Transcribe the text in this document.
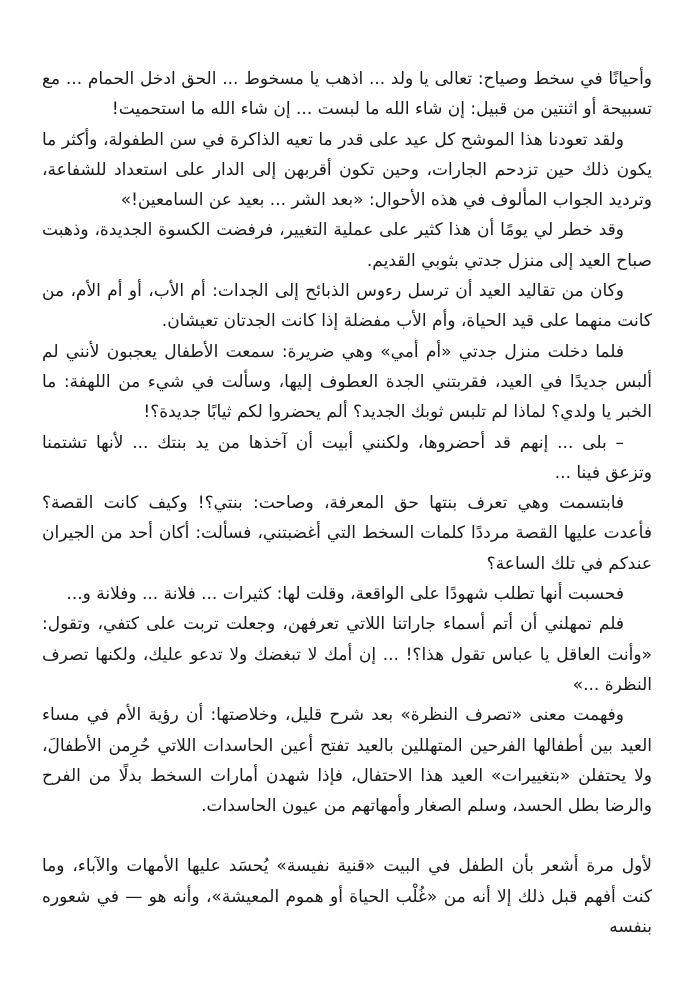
وأحيانًا في سخط وصياح: تعالى يا ولد ... اذهب يا مسخوط ... الحق ادخل الحمام ... مع تسبيحة أو اثنتين من قبيل: إن شاء الله ما لبست ... إن شاء الله ما استحميت!

ولقد تعودنا هذا الموشح كل عيد على قدر ما تعيه الذاكرة في سن الطفولة، وأكثر ما يكون ذلك حين تزدحم الجارات، وحين تكون أقربهن إلى الدار على استعداد للشفاعة، وترديد الجواب المألوف في هذه الأحوال: «بعد الشر ... بعيد عن السامعين!»

وقد خطر لي يومًا أن هذا كثير على عملية التغيير، فرفضت الكسوة الجديدة، وذهبت صباح العيد إلى منزل جدتي بثوبي القديم.

وكان من تقاليد العيد أن ترسل رءوس الذبائح إلى الجدات: أم الأب، أو أم الأم، من كانت منهما على قيد الحياة، وأم الأب مفضلة إذا كانت الجدتان تعيشان.

فلما دخلت منزل جدتي «أم أمي» وهي ضريرة: سمعت الأطفال يعجبون لأنني لم ألبس جديدًا في العيد، فقربتني الجدة العطوف إليها، وسألت في شيء من اللهفة: ما الخبر يا ولدي؟ لماذا لم تلبس ثوبك الجديد؟ ألم يحضروا لكم ثيابًا جديدة؟!

– بلى ... إنهم قد أحضروها، ولكنني أبيت أن آخذها من يد بنتك ... لأنها تشتمنا وتزعق فينا ...

فابتسمت وهي تعرف بنتها حق المعرفة، وصاحت: بنتي؟! وكيف كانت القصة؟ فأعدت عليها القصة مرددًا كلمات السخط التي أغضبتني، فسألت: أكان أحد من الجيران عندكم في تلك الساعة؟

فحسبت أنها تطلب شهودًا على الواقعة، وقلت لها: كثيرات ... فلانة ... وفلانة و...

فلم تمهلني أن أتم أسماء جاراتنا اللاتي تعرفهن، وجعلت تربت على كتفي، وتقول: «وأنت العاقل يا عباس تقول هذا؟! ... إن أمك لا تبغضك ولا تدعو عليك، ولكنها تصرف النظرة ...»

وفهمت معنى «تصرف النظرة» بعد شرح قليل، وخلاصتها: أن رؤية الأم في مساء العيد بين أطفالها الفرحين المتهللين بالعيد تفتح أعين الحاسدات اللاتي حُرِمن الأطفالَ، ولا يحتفلن «بتغييرات» العيد هذا الاحتفال، فإذا شهدن أمارات السخط بدلًا من الفرح والرضا بطل الحسد، وسلم الصغار وأمهاتهم من عيون الحاسدات.

لأول مرة أشعر بأن الطفل في البيت «قنية نفيسة» يُحسَد عليها الأمهات والآباء، وما كنت أفهم قبل ذلك إلا أنه من «غُلْب الحياة أو هموم المعيشة»، وأنه هو — في شعوره بنفسه
